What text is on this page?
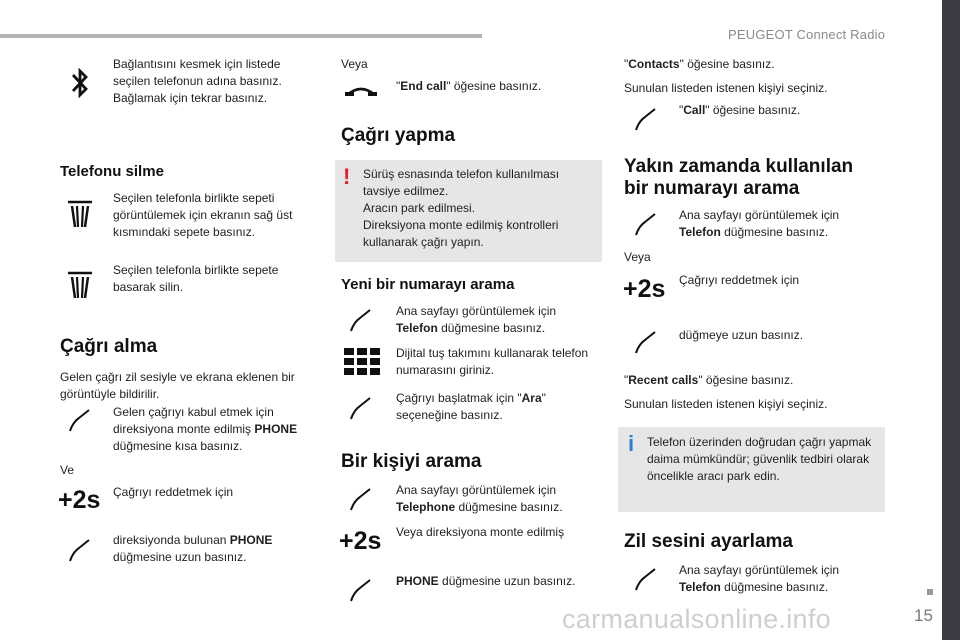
PEUGEOT Connect Radio
15
carmanualsonline.info
Bağlantısını kesmek için listede seçilen telefonun adına basınız. Bağlamak için tekrar basınız.
Telefonu silme
Seçilen telefonla birlikte sepeti görüntülemek için ekranın sağ üst kısmındaki sepete basınız.
Seçilen telefonla birlikte sepete basarak silin.
Çağrı alma
Gelen çağrı zil sesiyle ve ekrana eklenen bir görüntüyle bildirilir.
Gelen çağrıyı kabul etmek için direksiyona monte edilmiş PHONE düğmesine kısa basınız.
Ve
+2s Çağrıyı reddetmek için
direksiyonda bulunan PHONE düğmesine uzun basınız.
Veya
"End call" öğesine basınız.
Çağrı yapma
! Sürüş esnasında telefon kullanılması

tavsiye edilmez.

Aracın park edilmesi.

Direksiyona monte edilmiş kontrolleri

kullanarak çağrı yapın.

Yeni bir numarayı arama
Ana sayfayı görüntülemek için Telefon düğmesine basınız.
Dijital tuş takımını kullanarak telefon numarasını giriniz.
Çağrıyı başlatmak için "Ara" seçeneğine basınız.
Bir kişiyi arama
Ana sayfayı görüntülemek için Telephone düğmesine basınız.
+2s Veya direksiyona monte edilmiş
PHONE düğmesine uzun basınız.
"Contacts" öğesine basınız.
Sunulan listeden istenen kişiyi seçiniz.
"Call" öğesine basınız.
Yakın zamanda kullanılan
bir numarayı arama
Ana sayfayı görüntülemek için Telefon düğmesine basınız.
Veya
+2s Çağrıyı reddetmek için
düğmeye uzun basınız.
"Recent calls" öğesine basınız.
Sunulan listeden istenen kişiyi seçiniz.
i Telefon üzerinden doğrudan çağrı yapmak

daima mümkündür; güvenlik tedbiri olarak

öncelikle aracı park edin.

Zil sesini ayarlama
Ana sayfayı görüntülemek için Telefon düğmesine basınız.
